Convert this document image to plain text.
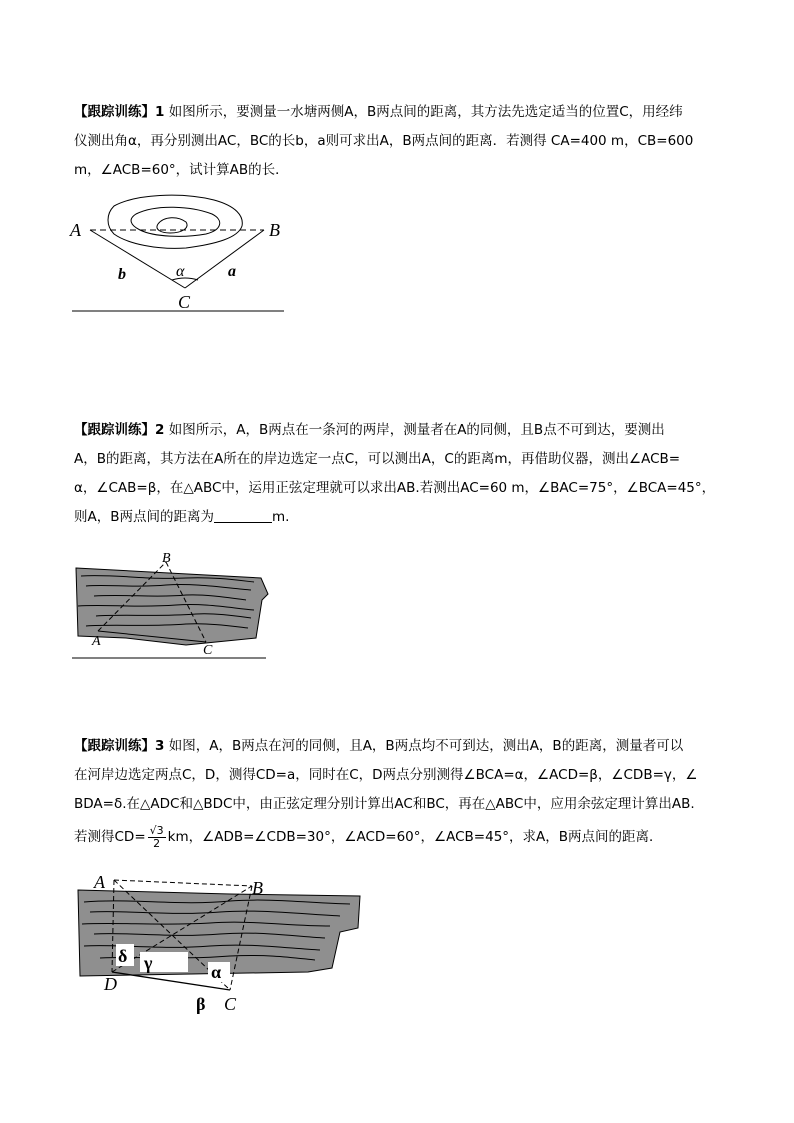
【跟踪训练】1 如图所示，要测量一水塘两侧A，B两点间的距离，其方法先选定适当的位置C，用经纬
仪测出角α，再分别测出AC，BC的长b，a则可求出A，B两点间的距离．若测得 CA=400 m，CB=600
m，∠ACB=60°，试计算AB的长．
A	B
C
b	a
α
【跟踪训练】2 如图所示，A，B两点在一条河的两岸，测量者在A的同侧，且B点不可到达，要测出
A，B的距离，其方法在A所在的岸边选定一点C，可以测出A，C的距离m，再借助仪器，测出∠ACB=
α，∠CAB=β，在△ABC中，运用正弦定理就可以求出AB.若测出AC=60 m，∠BAC=75°，∠BCA=45°，
则A，B两点间的距离为	m.
B
A
C
【跟踪训练】3 如图，A，B两点在河的同侧，且A，B两点均不可到达，测出A，B的距离，测量者可以
在河岸边选定两点C，D，测得CD=a，同时在C，D两点分别测得∠BCA=α，∠ACD=β，∠CDB=γ，∠
BDA=δ.在△ADC和△BDC中，由正弦定理分别计算出AC和BC，再在△ABC中，应用余弦定理计算出AB.
若测得$CD= \frac{√3}{2}$ km，∠ADB=∠CDB=30°，∠ACD=60°，∠ACB=45°，求A，B两点间的距离．
A	B
D
C
δ γ	α
β
